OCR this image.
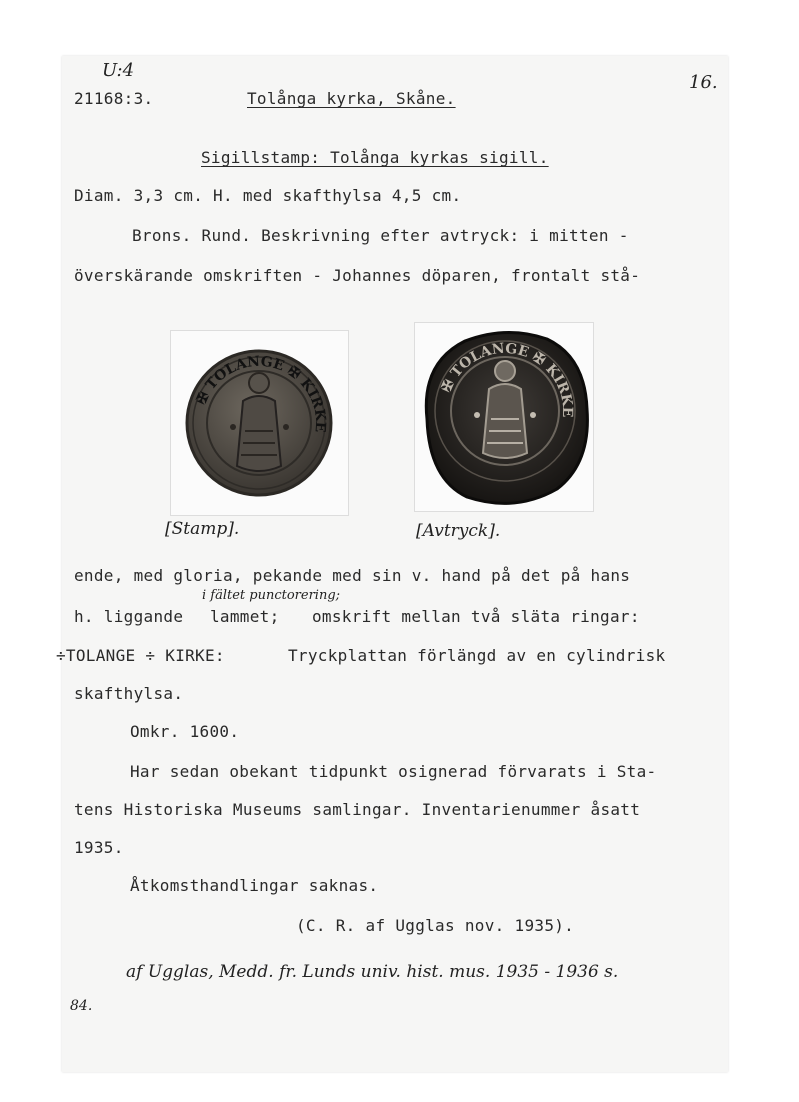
U:4
21168:3.	Tolånga kyrka, Skåne.
16.
Sigillstamp: Tolånga kyrkas sigill.
Diam. 3,3 cm. H. med skafthylsa 4,5 cm.
Brons. Rund. Beskrivning efter avtryck: i mitten -
överskärande omskriften - Johannes döparen, frontalt stå-
✠ TOLANGE ✠ KIRKE
✠ TOLANGE ✠ KIRKE
[Stamp].	[Avtryck].
ende, med gloria, pekande med sin v. hand på det på hans
i fältet punctorering;
h. liggande lammet; omskrift mellan två släta ringar:
÷TOLANGE ÷ KIRKE:	Tryckplattan förlängd av en cylindrisk
skafthylsa.
Omkr. 1600.
Har sedan obekant tidpunkt osignerad förvarats i Sta-
tens Historiska Museums samlingar. Inventarienummer åsatt
1935.
Åtkomsthandlingar saknas.
(C. R. af Ugglas nov. 1935).
af Ugglas, Medd. fr. Lunds univ. hist. mus. 1935 - 1936 s.
84.
